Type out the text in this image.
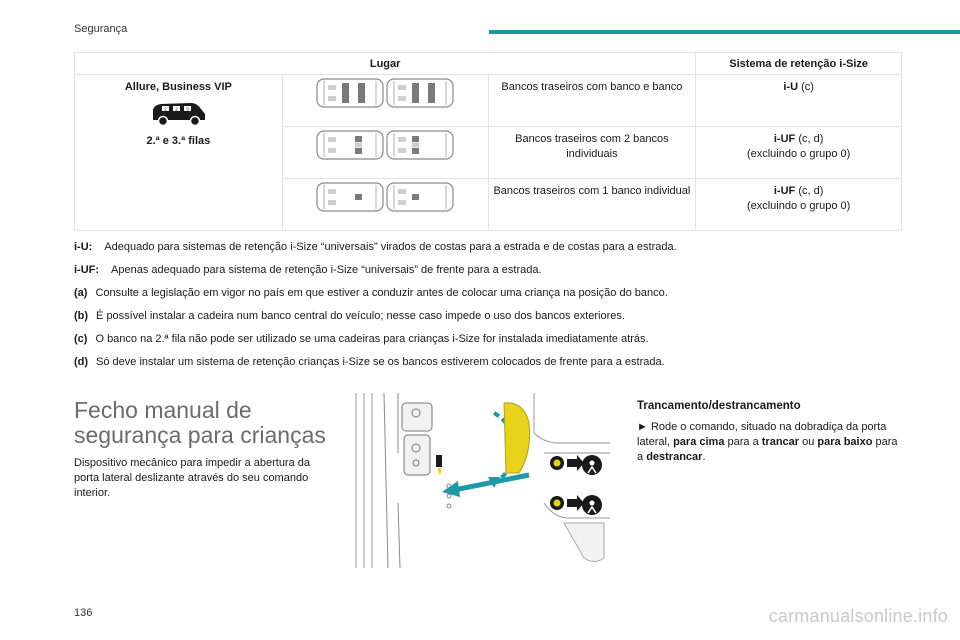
Segurança
Lugar			Sistema de retenção i-Size

Allure, Business VIP
2 2 3
2.ª e 3.ª filas		Bancos traseiros com banco e banco	i-U (c)

	Bancos traseiros com 2 bancos individuais	i-UF (c, d)
(excluindo o grupo 0)

	Bancos traseiros com 1 banco individual	i-UF (c, d)
(excluindo o grupo 0)
i-U: Adequado para sistemas de retenção i-Size “universais” virados de costas para a estrada e de costas para a estrada.
i-UF: Apenas adequado para sistema de retenção i-Size “universais” de frente para a estrada.
(a) Consulte a legislação em vigor no país em que estiver a conduzir antes de colocar uma criança na posição do banco.
(b) É possível instalar a cadeira num banco central do veículo; nesse caso impede o uso dos bancos exteriores.
(c) O banco na 2.ª fila não pode ser utilizado se uma cadeiras para crianças i-Size for instalada imediatamente atrás.
(d) Só deve instalar um sistema de retenção crianças i-Size se os bancos estiverem colocados de frente para a estrada.
Fecho manual de segurança para crianças

Dispositivo mecânico para impedir a abertura da porta lateral deslizante através do seu comando interior.

Trancamento/destrancamento

► Rode o comando, situado na dobradiça da porta lateral, para cima para a trancar ou para baixo para a destrancar.

136	carmanualsonline.info
